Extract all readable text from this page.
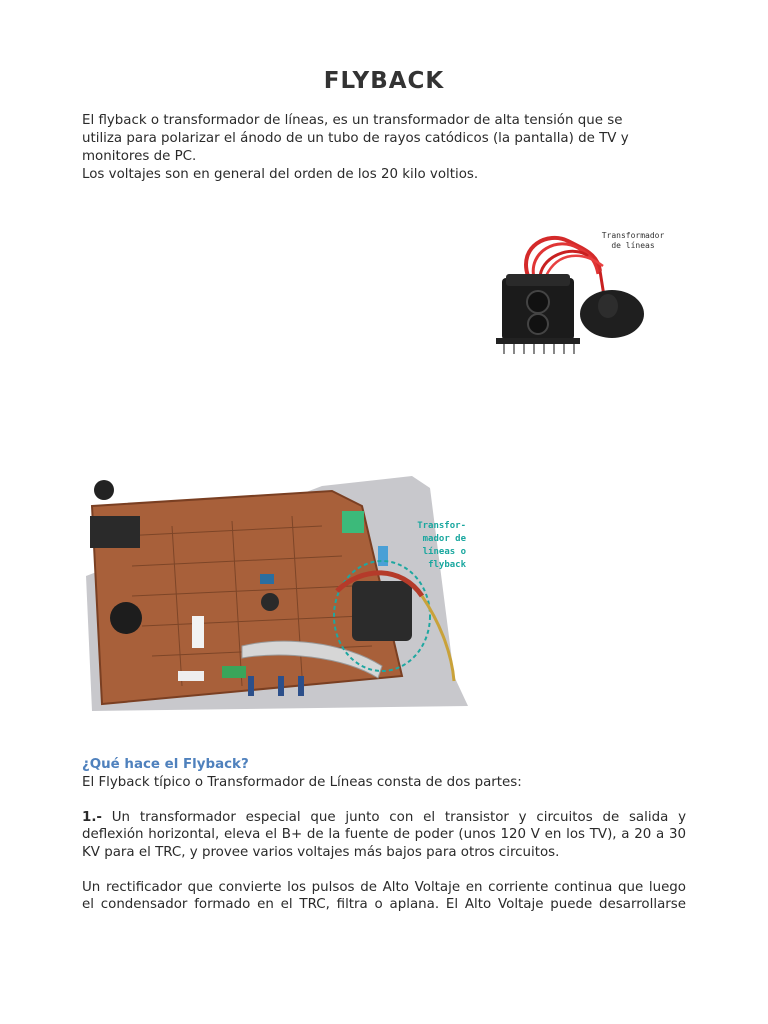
FLYBACK

El flyback o transformador de líneas, es un transformador de alta tensión que se

utiliza para polarizar el ánodo de un tubo de rayos catódicos (la pantalla) de TV y

monitores de PC.

Los voltajes son en general del orden de los 20 kilo voltios.

Transformador
de líneas
Transfor-
mador de
líneas o
flyback

¿Qué hace el Flyback?

El Flyback típico o Transformador de Líneas consta de dos partes:

1.- Un transformador especial que junto con el transistor y circuitos de salida y

deflexión horizontal, eleva el B+ de la fuente de poder (unos 120 V en los TV), a 20 a 30

KV para el TRC, y provee varios voltajes más bajos para otros circuitos.

Un rectificador que convierte los pulsos de Alto Voltaje en corriente continua que luego

el condensador formado en el TRC, filtra o aplana. El Alto Voltaje puede desarrollarse
